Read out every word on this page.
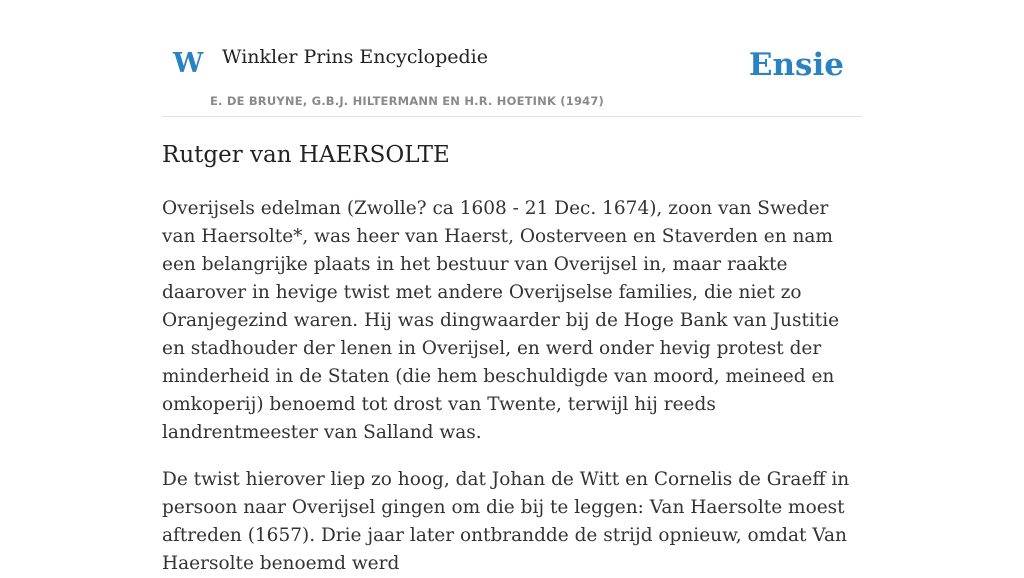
W Winkler Prins Encyclopedie
E. DE BRUYNE, G.B.J. HILTERMANN EN H.R. HOETINK (1947)
Ensie
Rutger van HAERSOLTE

Overijsels edelman (Zwolle? ca 1608 - 21 Dec. 1674), zoon van Sweder van Haersolte*, was heer van Haerst, Oosterveen en Staverden en nam een belangrijke plaats in het bestuur van Overijsel in, maar raakte daarover in hevige twist met andere Overijselse families, die niet zo Oranjegezind waren. Hij was dingwaarder bij de Hoge Bank van Justitie en stadhouder der lenen in Overijsel, en werd onder hevig protest der minderheid in de Staten (die hem beschuldigde van moord, meineed en omkoperij) benoemd tot drost van Twente, terwijl hij reeds landrentmeester van Salland was.

De twist hierover liep zo hoog, dat Johan de Witt en Cornelis de Graeff in persoon naar Overijsel gingen om die bij te leggen: Van Haersolte moest aftreden (1657). Drie jaar later ontbrandde de strijd opnieuw, omdat Van Haersolte benoemd werd
